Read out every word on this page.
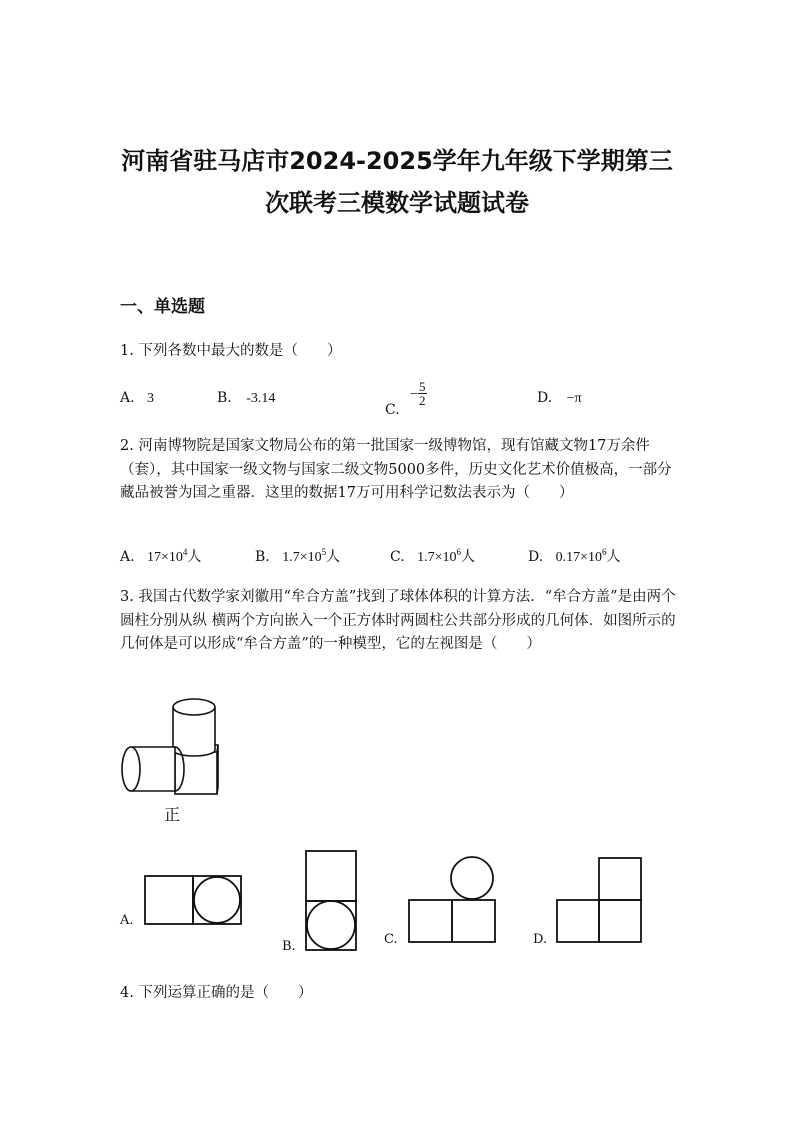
河南省驻马店市2024-2025学年九年级下学期第三
次联考三模数学试题试卷
一、单选题
1. 下列各数中最大的数是（　　）
A. 3	B. -3.14
C. − $\frac{5}{2}$	D. −π
2. 河南博物院是国家文物局公布的第一批国家一级博物馆，现有馆藏文物17万余件（套），其中国家一级文物与国家二级文物5000多件，历史文化艺术价值极高，一部分藏品被誉为国之重器．这里的数据17万可用科学记数法表示为（　　）
A. $17\times 10^4$人	B. $1.7\times 10^5$人	C. $1.7\times 10^6$人	D. $0.17\times 10^6$人
3. 我国古代数学家刘徽用“牟合方盖”找到了球体体积的计算方法．“牟合方盖”是由两个圆柱分别从纵 横两个方向嵌入一个正方体时两圆柱公共部分形成的几何体．如图所示的几何体是可以形成“牟合方盖”的一种模型，它的左视图是（　　）
正
A.
B.	C.	D.
4. 下列运算正确的是（　　）
